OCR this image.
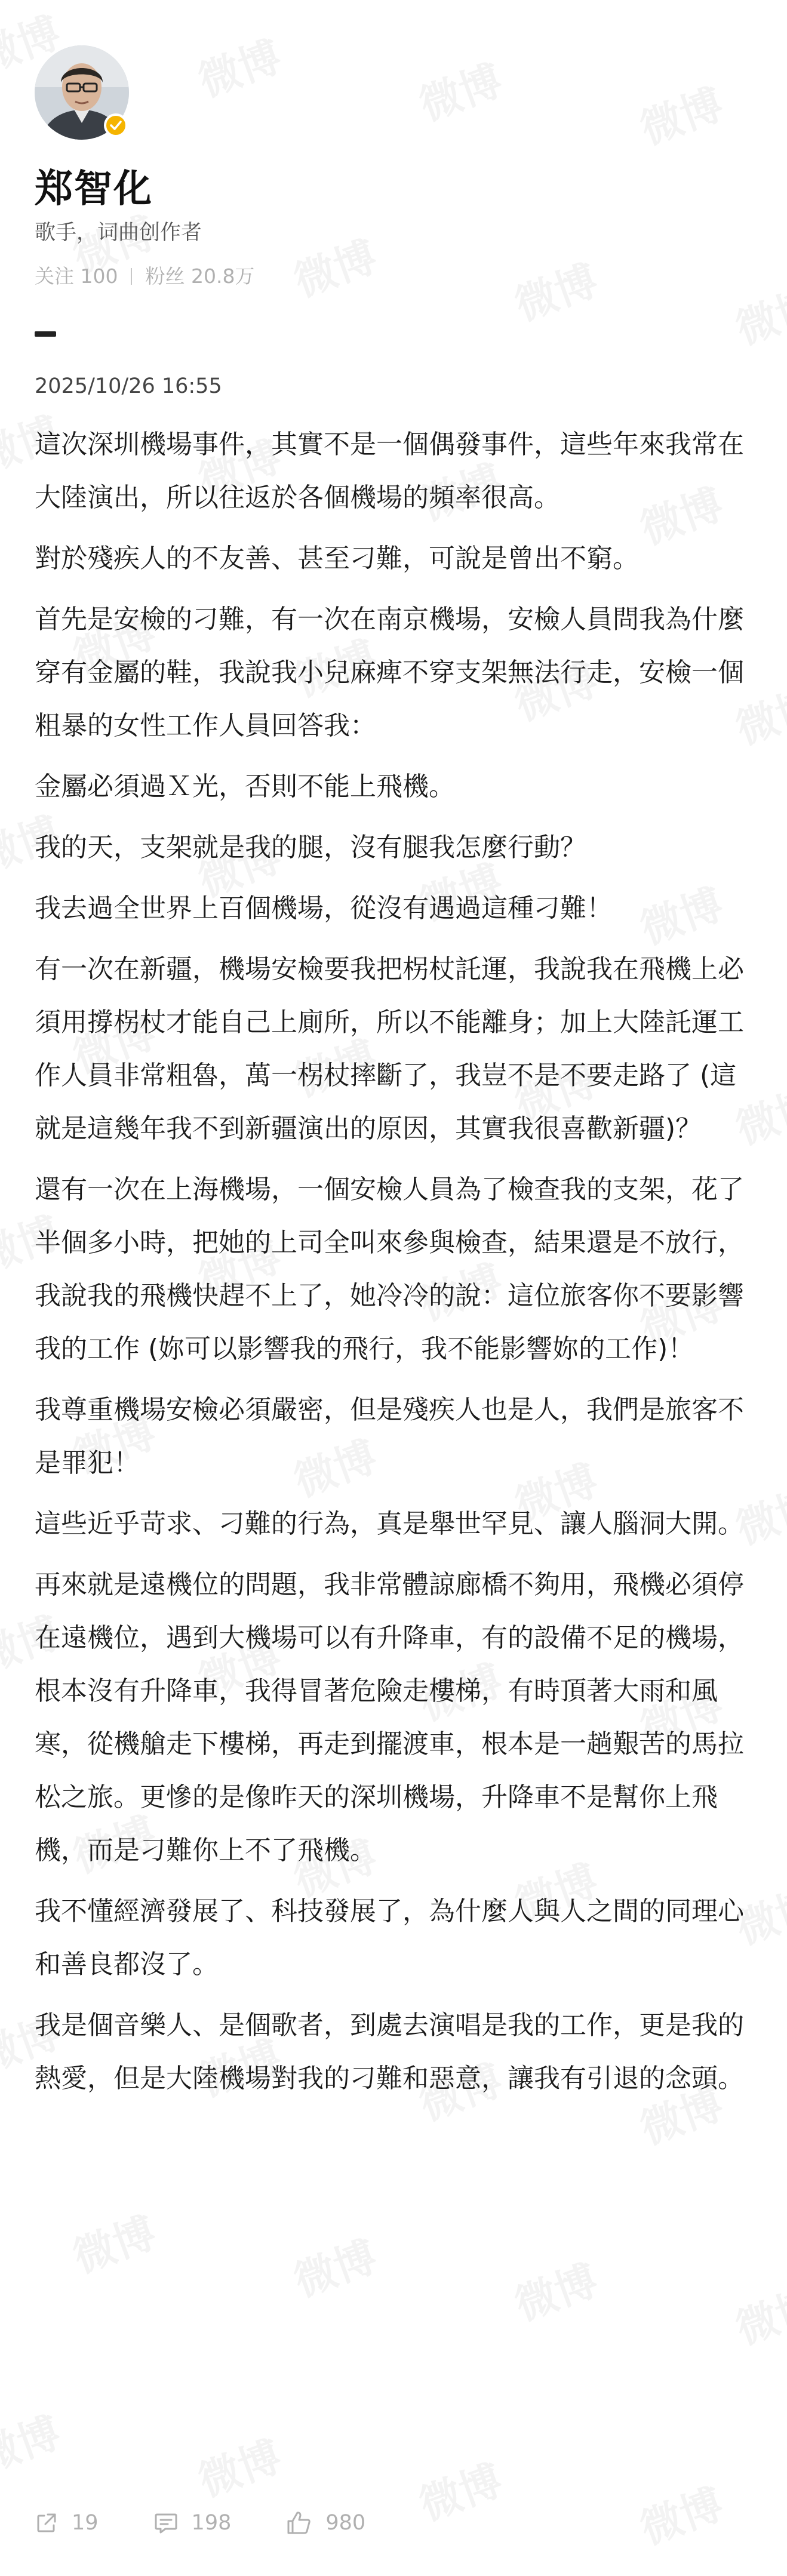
郑智化
歌手，词曲创作者
关注 100 粉丝 20.8万
2025/10/26 16:55

這次深圳機場事件，其實不是一個偶發事件，這些年來我常在大陸演出，所以往返於各個機場的頻率很高。

對於殘疾人的不友善、甚至刁難，可說是曾出不窮。

首先是安檢的刁難，有一次在南京機場，安檢人員問我為什麼穿有金屬的鞋，我說我小兒麻痺不穿支架無法行走，安檢一個粗暴的女性工作人員回答我：

金屬必須過Ｘ光，否則不能上飛機。

我的天，支架就是我的腿，沒有腿我怎麼行動？

我去過全世界上百個機場，從沒有遇過這種刁難！

有一次在新疆，機場安檢要我把柺杖託運，我說我在飛機上必須用撐柺杖才能自己上廁所，所以不能離身；加上大陸託運工作人員非常粗魯，萬一柺杖摔斷了，我豈不是不要走路了 (這就是這幾年我不到新疆演出的原因，其實我很喜歡新疆)？

還有一次在上海機場，一個安檢人員為了檢查我的支架，花了半個多小時，把她的上司全叫來參與檢查，結果還是不放行，我說我的飛機快趕不上了，她冷冷的說：這位旅客你不要影響我的工作 (妳可以影響我的飛行，我不能影響妳的工作)！

我尊重機場安檢必須嚴密，但是殘疾人也是人，我們是旅客不是罪犯！

這些近乎苛求、刁難的行為，真是舉世罕見、讓人腦洞大開。

再來就是遠機位的問題，我非常體諒廊橋不夠用，飛機必須停在遠機位，遇到大機場可以有升降車，有的設備不足的機場，根本沒有升降車，我得冒著危險走樓梯，有時頂著大雨和風寒，從機艙走下樓梯，再走到擺渡車，根本是一趟艱苦的馬拉松之旅。更慘的是像昨天的深圳機場，升降車不是幫你上飛機，而是刁難你上不了飛機。

我不懂經濟發展了、科技發展了，為什麼人與人之間的同理心和善良都沒了。

我是個音樂人、是個歌者，到處去演唱是我的工作，更是我的熱愛，但是大陸機場對我的刁難和惡意，讓我有引退的念頭。

19	198	980
